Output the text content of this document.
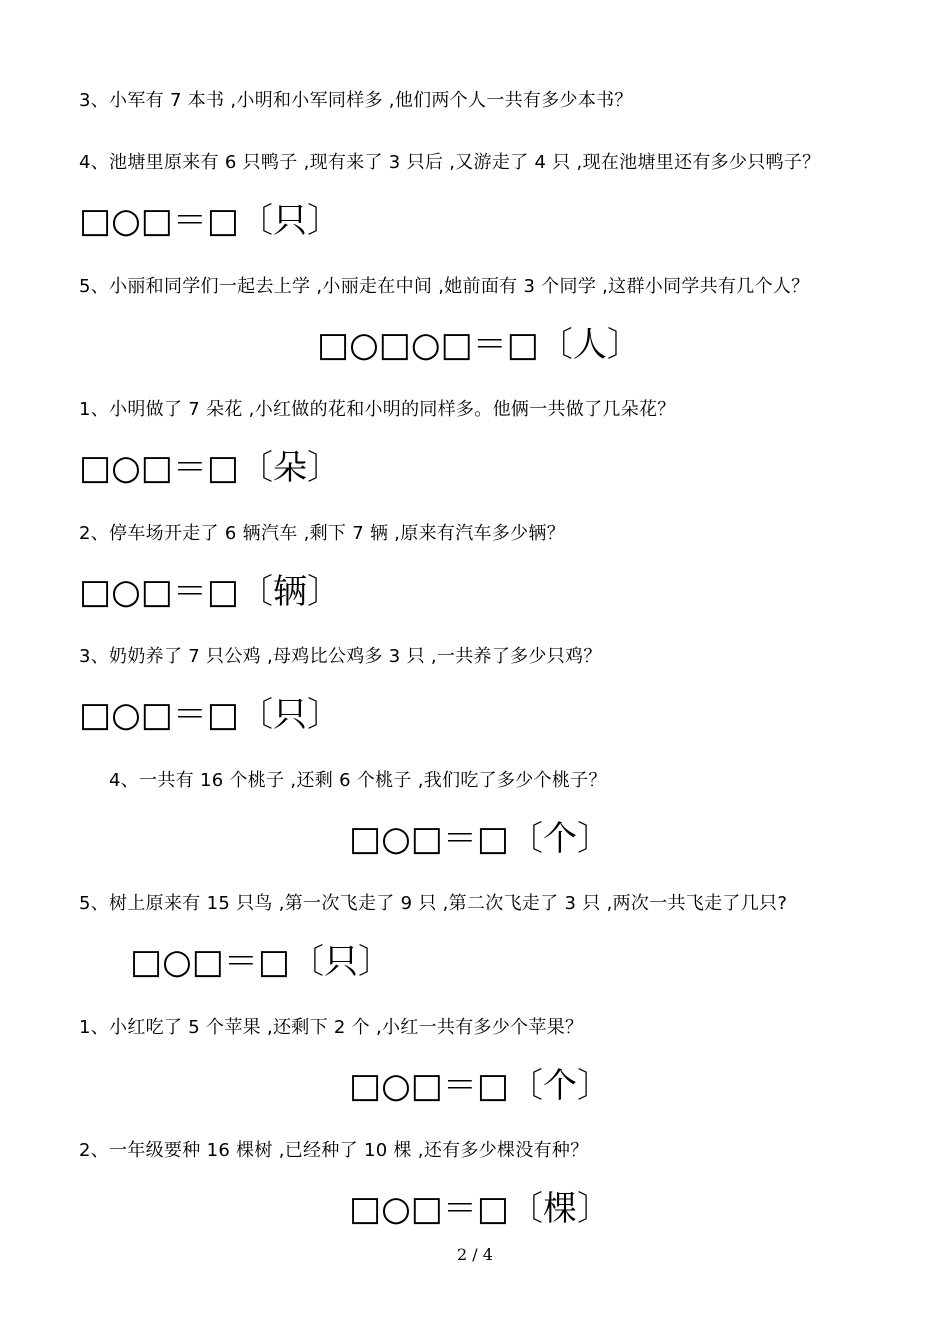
3、小军有 7 本书 ,小明和小军同样多 ,他们两个人一共有多少本书？
4、池塘里原来有 6 只鸭子 ,现有来了 3 只后 ,又游走了 4 只 ,现在池塘里还有多少只鸭子？
□○□＝□〔只〕
5、小丽和同学们一起去上学 ,小丽走在中间 ,她前面有 3 个同学 ,这群小同学共有几个人？
□○□○□＝□〔人〕
1、小明做了 7 朵花 ,小红做的花和小明的同样多。他俩一共做了几朵花？
□○□＝□〔朵〕
2、停车场开走了 6 辆汽车 ,剩下 7 辆 ,原来有汽车多少辆？
□○□＝□〔辆〕
3、奶奶养了 7 只公鸡 ,母鸡比公鸡多 3 只 ,一共养了多少只鸡？
□○□＝□〔只〕
4、一共有 16 个桃子 ,还剩 6 个桃子 ,我们吃了多少个桃子？
□○□＝□〔个〕
5、树上原来有 15 只鸟 ,第一次飞走了 9 只 ,第二次飞走了 3 只 ,两次一共飞走了几只?
□○□＝□〔只〕
1、小红吃了 5 个苹果 ,还剩下 2 个 ,小红一共有多少个苹果？
□○□＝□〔个〕
2、一年级要种 16 棵树 ,已经种了 10 棵 ,还有多少棵没有种？
□○□＝□〔棵〕
2 / 4
